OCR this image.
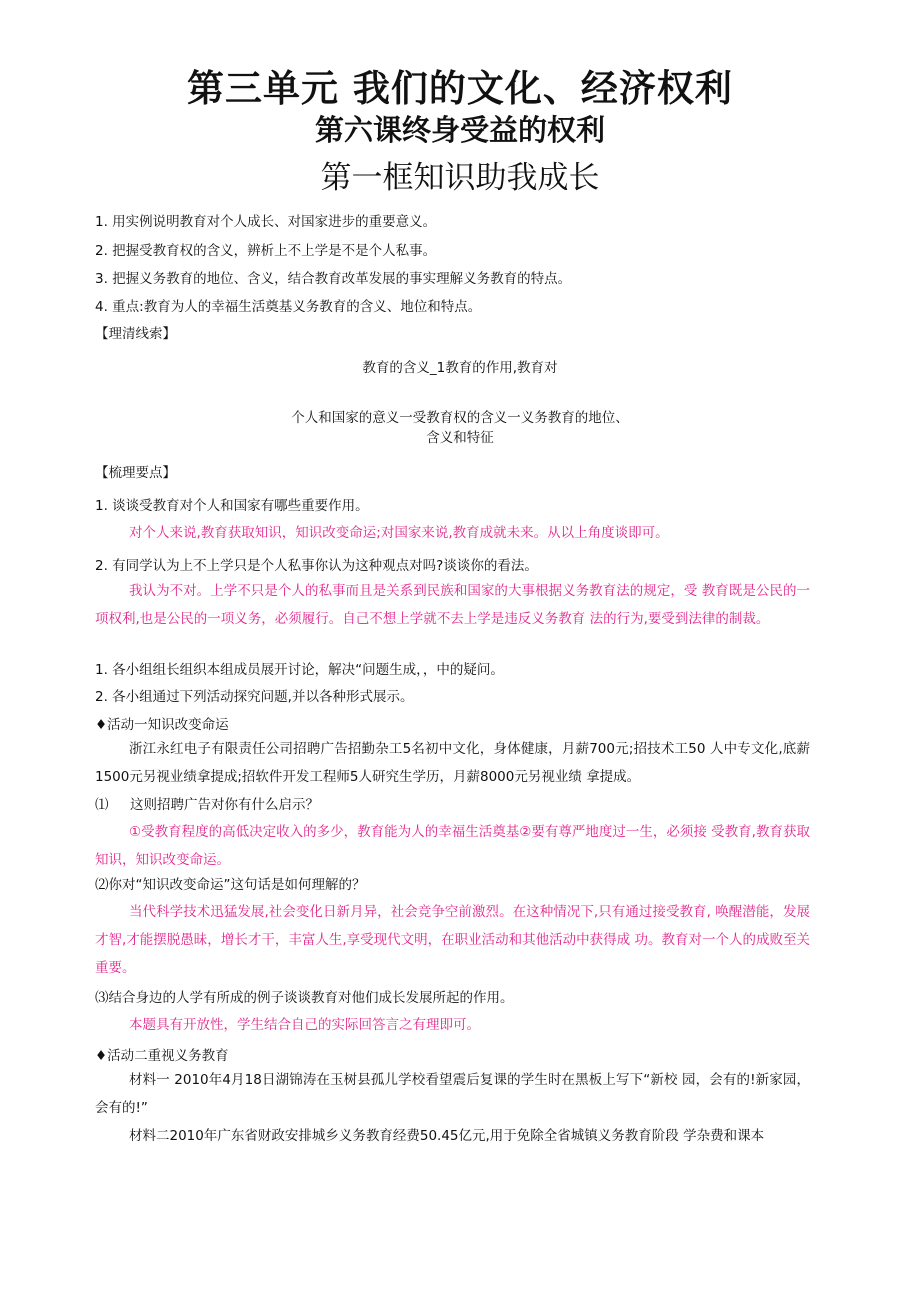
第三单元 我们的文化、经济权利
第六课终身受益的权利
第一框知识助我成长
1. 用实例说明教育对个人成长、对国家进步的重要意义。
2. 把握受教育权的含义，辨析上不上学是不是个人私事。
3. 把握义务教育的地位、含义，结合教育改革发展的事实理解义务教育的特点。
4. 重点:教育为人的幸福生活奠基义务教育的含义、地位和特点。
【理清线索】
教育的含义_1教育的作用,教育对
个人和国家的意义一受教育权的含义一义务教育的地位、
含义和特征
【梳理要点】
1. 谈谈受教育对个人和国家有哪些重要作用。
对个人来说,教育获取知识，知识改变命运;对国家来说,教育成就未来。从以上角度谈即可。
2. 有同学认为上不上学只是个人私事你认为这种观点对吗?谈谈你的看法。
我认为不对。上学不只是个人的私事而且是关系到民族和国家的大事根据义务教育法的规定，受 教育既是公民的一项权利,也是公民的一项义务，必须履行。自己不想上学就不去上学是违反义务教育 法的行为,要受到法律的制裁。
1. 各小组组长组织本组成员展开讨论，解决“问题生成，，中的疑问。
2. 各小组通过下列活动探究问题,并以各种形式展示。
♦活动一知识改变命运
浙江永红电子有限责任公司招聘广告招勤杂工5名初中文化，身体健康，月薪700元;招技术工50 人中专文化,底薪1500元另视业绩拿提成;招软件开发工程师5人研究生学历，月薪8000元另视业绩 拿提成。
⑴ 这则招聘广告对你有什么启示？
①受教育程度的高低决定收入的多少，教育能为人的幸福生活奠基②要有尊严地度过一生，必须接 受教育,教育获取知识，知识改变命运。
⑵你对“知识改变命运”这句话是如何理解的？
当代科学技术迅猛发展,社会变化日新月异，社会竞争空前激烈。在这种情况下,只有通过接受教育, 唤醒潜能，发展才智,才能摆脱愚昧，增长才干，丰富人生,享受现代文明，在职业活动和其他活动中获得成 功。教育对一个人的成败至关重要。
⑶结合身边的人学有所成的例子谈谈教育对他们成长发展所起的作用。
本题具有开放性，学生结合自己的实际回答言之有理即可。
♦活动二重视义务教育
材料一 2010年4月18日湖锦涛在玉树县孤儿学校看望震后复课的学生时在黑板上写下“新校 园，会有的!新家园，会有的!”
材料二2010年广东省财政安排城乡义务教育经费50.45亿元,用于免除全省城镇义务教育阶段 学杂费和课本
